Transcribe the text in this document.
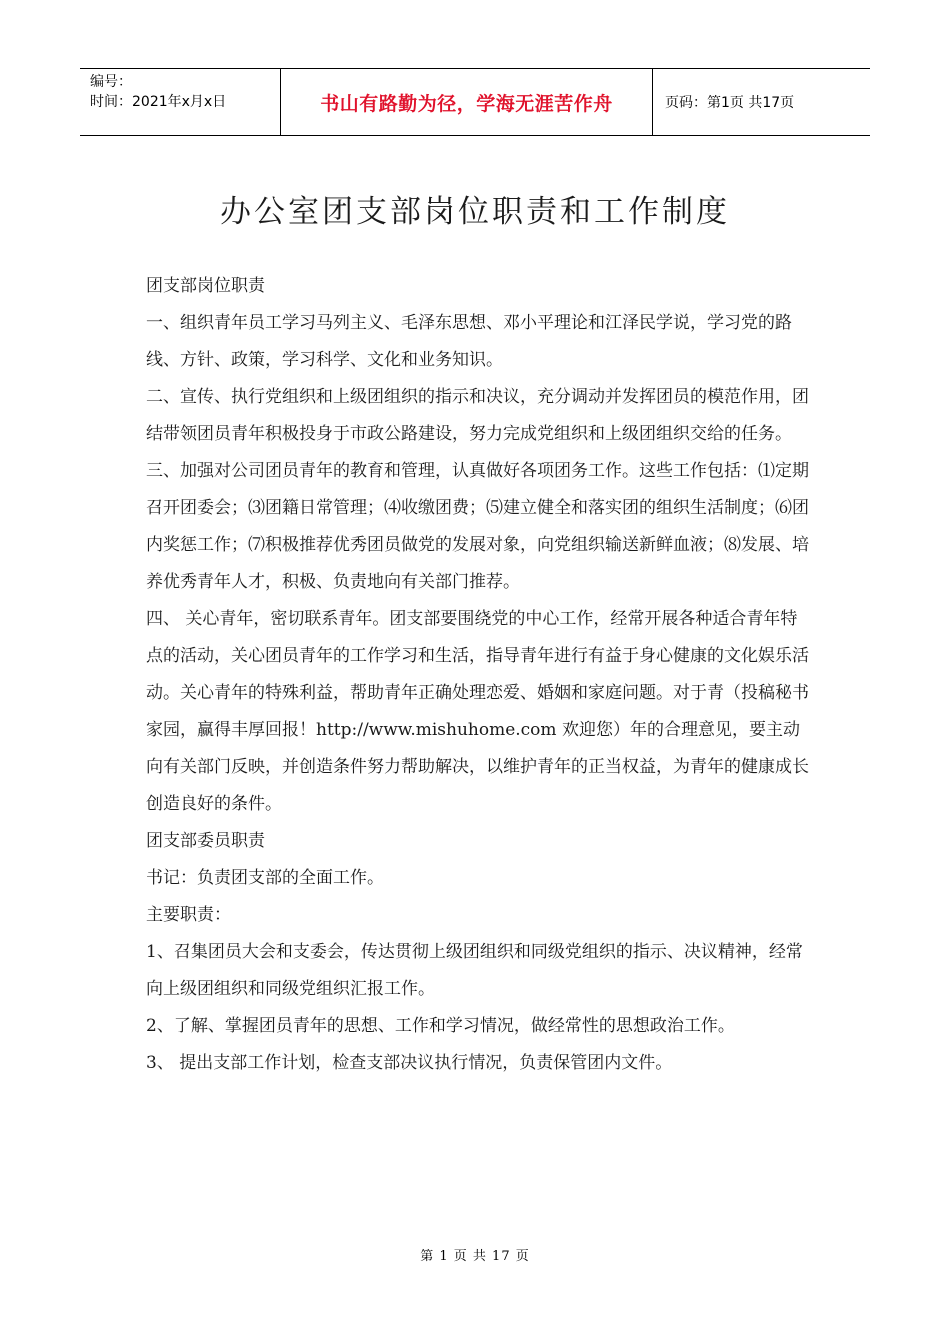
编号：
时间：2021年x月x日	书山有路勤为径，学海无涯苦作舟	页码：第1页 共17页
办公室团支部岗位职责和工作制度

团支部岗位职责

一、组织青年员工学习马列主义、毛泽东思想、邓小平理论和江泽民学说，学习党的路线、方针、政策，学习科学、文化和业务知识。

二、宣传、执行党组织和上级团组织的指示和决议，充分调动并发挥团员的模范作用，团结带领团员青年积极投身于市政公路建设，努力完成党组织和上级团组织交给的任务。

三、加强对公司团员青年的教育和管理，认真做好各项团务工作。这些工作包括：⑴定期召开团委会；⑶团籍日常管理；⑷收缴团费；⑸建立健全和落实团的组织生活制度；⑹团内奖惩工作；⑺积极推荐优秀团员做党的发展对象，向党组织输送新鲜血液；⑻发展、培养优秀青年人才，积极、负责地向有关部门推荐。

四、 关心青年，密切联系青年。团支部要围绕党的中心工作，经常开展各种适合青年特点的活动，关心团员青年的工作学习和生活，指导青年进行有益于身心健康的文化娱乐活动。关心青年的特殊利益，帮助青年正确处理恋爱、婚姻和家庭问题。对于青（投稿秘书家园，赢得丰厚回报！http://www.mishuhome.com 欢迎您）年的合理意见，要主动向有关部门反映，并创造条件努力帮助解决，以维护青年的正当权益，为青年的健康成长创造良好的条件。

团支部委员职责

书记：负责团支部的全面工作。

主要职责：

1、召集团员大会和支委会，传达贯彻上级团组织和同级党组织的指示、决议精神，经常向上级团组织和同级党组织汇报工作。

2、了解、掌握团员青年的思想、工作和学习情况，做经常性的思想政治工作。

3、 提出支部工作计划，检查支部决议执行情况，负责保管团内文件。

第 1 页 共 17 页
